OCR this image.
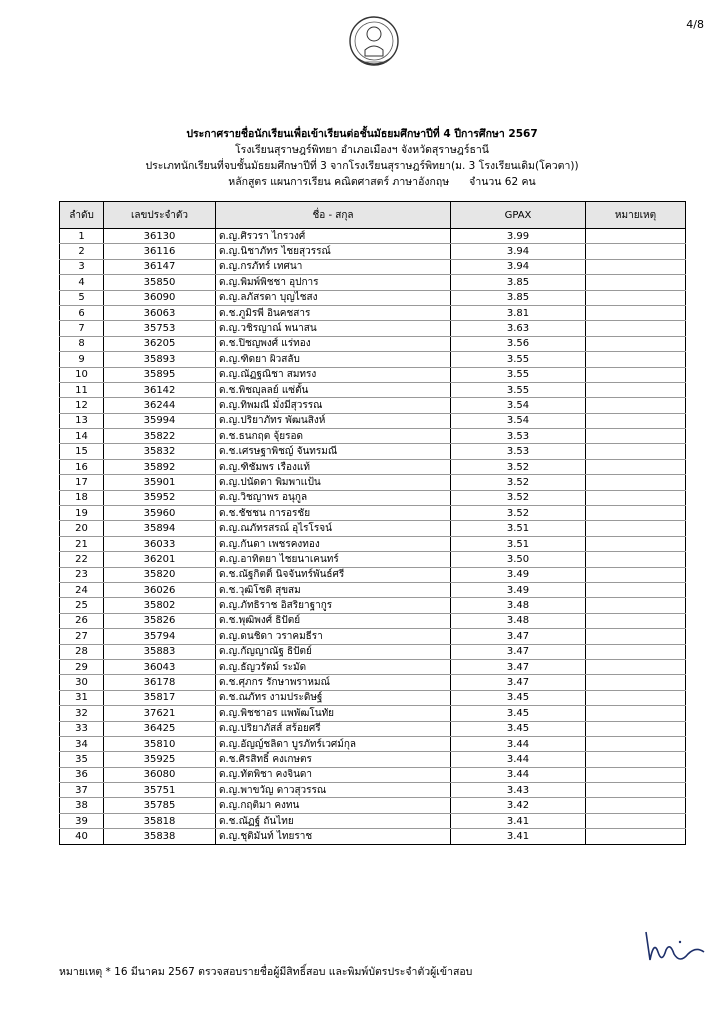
4/8
ประกาศรายชื่อนักเรียนเพื่อเข้าเรียนต่อชั้นมัธยมศึกษาปีที่ 4 ปีการศึกษา 2567
โรงเรียนสุราษฎร์พิทยา อำเภอเมืองฯ จังหวัดสุราษฎร์ธานี
ประเภทนักเรียนที่จบชั้นมัธยมศึกษาปีที่ 3 จากโรงเรียนสุราษฎร์พิทยา(ม. 3 โรงเรียนเดิม(โควตา))
หลักสูตร แผนการเรียน คณิตศาสตร์ ภาษาอังกฤษ จำนวน 62 คน
ลำดับ	เลขประจำตัว	ชื่อ - สกุล	GPAX	หมายเหตุ
1	36130	ด.ญ.ศิรวรา ไกรวงศ์	3.99	
2	36116	ด.ญ.นิชาภัทร ไชยสุวรรณ์	3.94	
3	36147	ด.ญ.กรภัทร์ เทศนา	3.94	
4	35850	ด.ญ.พิมพ์พิชชา อุปการ	3.85	
5	36090	ด.ญ.ลภัสรดา บุญไชสง	3.85	
6	36063	ด.ช.ภูมิรพี อินคชสาร	3.81	
7	35753	ด.ญ.วชิรญาณ์ พนาสน	3.63	
8	36205	ด.ช.ปิชญพงศ์ แร่ทอง	3.56	
9	35893	ด.ญ.ฑิดยา ผิวสลับ	3.55	
10	35895	ด.ญ.ณัฏฐณิชา สมทรง	3.55	
11	36142	ด.ช.พิชญุลลย์ แซ่ตั้น	3.55	
12	36244	ด.ญ.ทิพมณี มั่งมีสุวรรณ	3.54	
13	35994	ด.ญ.ปริยาภัทร พัฒนสิงห์	3.54	
14	35822	ด.ช.ธนกฤต จุ้ยรอด	3.53	
15	35832	ด.ช.เศรษฐาพิชญ์ จันทรมณี	3.53	
16	35892	ด.ญ.ฑิชัมพร เรืองแท้	3.52	
17	35901	ด.ญ.ปนัดดา พิมพาเเป้น	3.52	
18	35952	ด.ญ.วิชญาพร อนุกูล	3.52	
19	35960	ด.ช.ชัชชน การอรชัย	3.52	
20	35894	ด.ญ.ณภัทรสรณ์ อุไรโรจน์	3.51	
21	36033	ด.ญ.กันดา เพชรคงทอง	3.51	
22	36201	ด.ญ.อาทิตยา ไชยนาเคนทร์	3.50	
23	35820	ด.ช.ณัฐกิตติ์ นิจจันทร์พันธ์ศรี	3.49	
24	36026	ด.ช.วุฒิโชติ สุขสม	3.49	
25	35802	ด.ญ.ภัทธิราช อิสริยาฐากูร	3.48	
26	35826	ด.ช.พุฒิพงศ์ ธิปัตย์	3.48	
27	35794	ด.ญ.ดนชิดา วราคมธีรา	3.47	
28	35883	ด.ญ.กัญญาณัฐ ธิปัตย์	3.47	
29	36043	ด.ญ.ธัญวรัตม์ ระมัด	3.47	
30	36178	ด.ช.ศุภกร รักษาพราหมณ์	3.47	
31	35817	ด.ช.ณภัทร งามประดิษฐ์	3.45	
32	37621	ด.ญ.พิชชาอร แพพัฒโนทัย	3.45	
33	36425	ด.ญ.ปริยาภัสส์ สร้อยศรี	3.45	
34	35810	ด.ญ.อัญญ์ชลิดา บูรภัทร์เวศม์กุล	3.44	
35	35925	ด.ช.ศิรสิทธิ์ คงเกษตร	3.44	
36	36080	ด.ญ.ทัตพิชา คงจินดา	3.44	
37	35751	ด.ญ.พาขวัญ ดาวสุวรรณ	3.43	
38	35785	ด.ญ.กฤติมา คงทน	3.42	
39	35818	ด.ช.ณัฏฐ์ ถันไทย	3.41	
40	35838	ด.ญ.ชุติมันท์ ไทยราช	3.41	
หมายเหตุ * 16 มีนาคม 2567 ตรวจสอบรายชื่อผู้มีสิทธิ์สอบ และพิมพ์บัตรประจำตัวผู้เข้าสอบ
